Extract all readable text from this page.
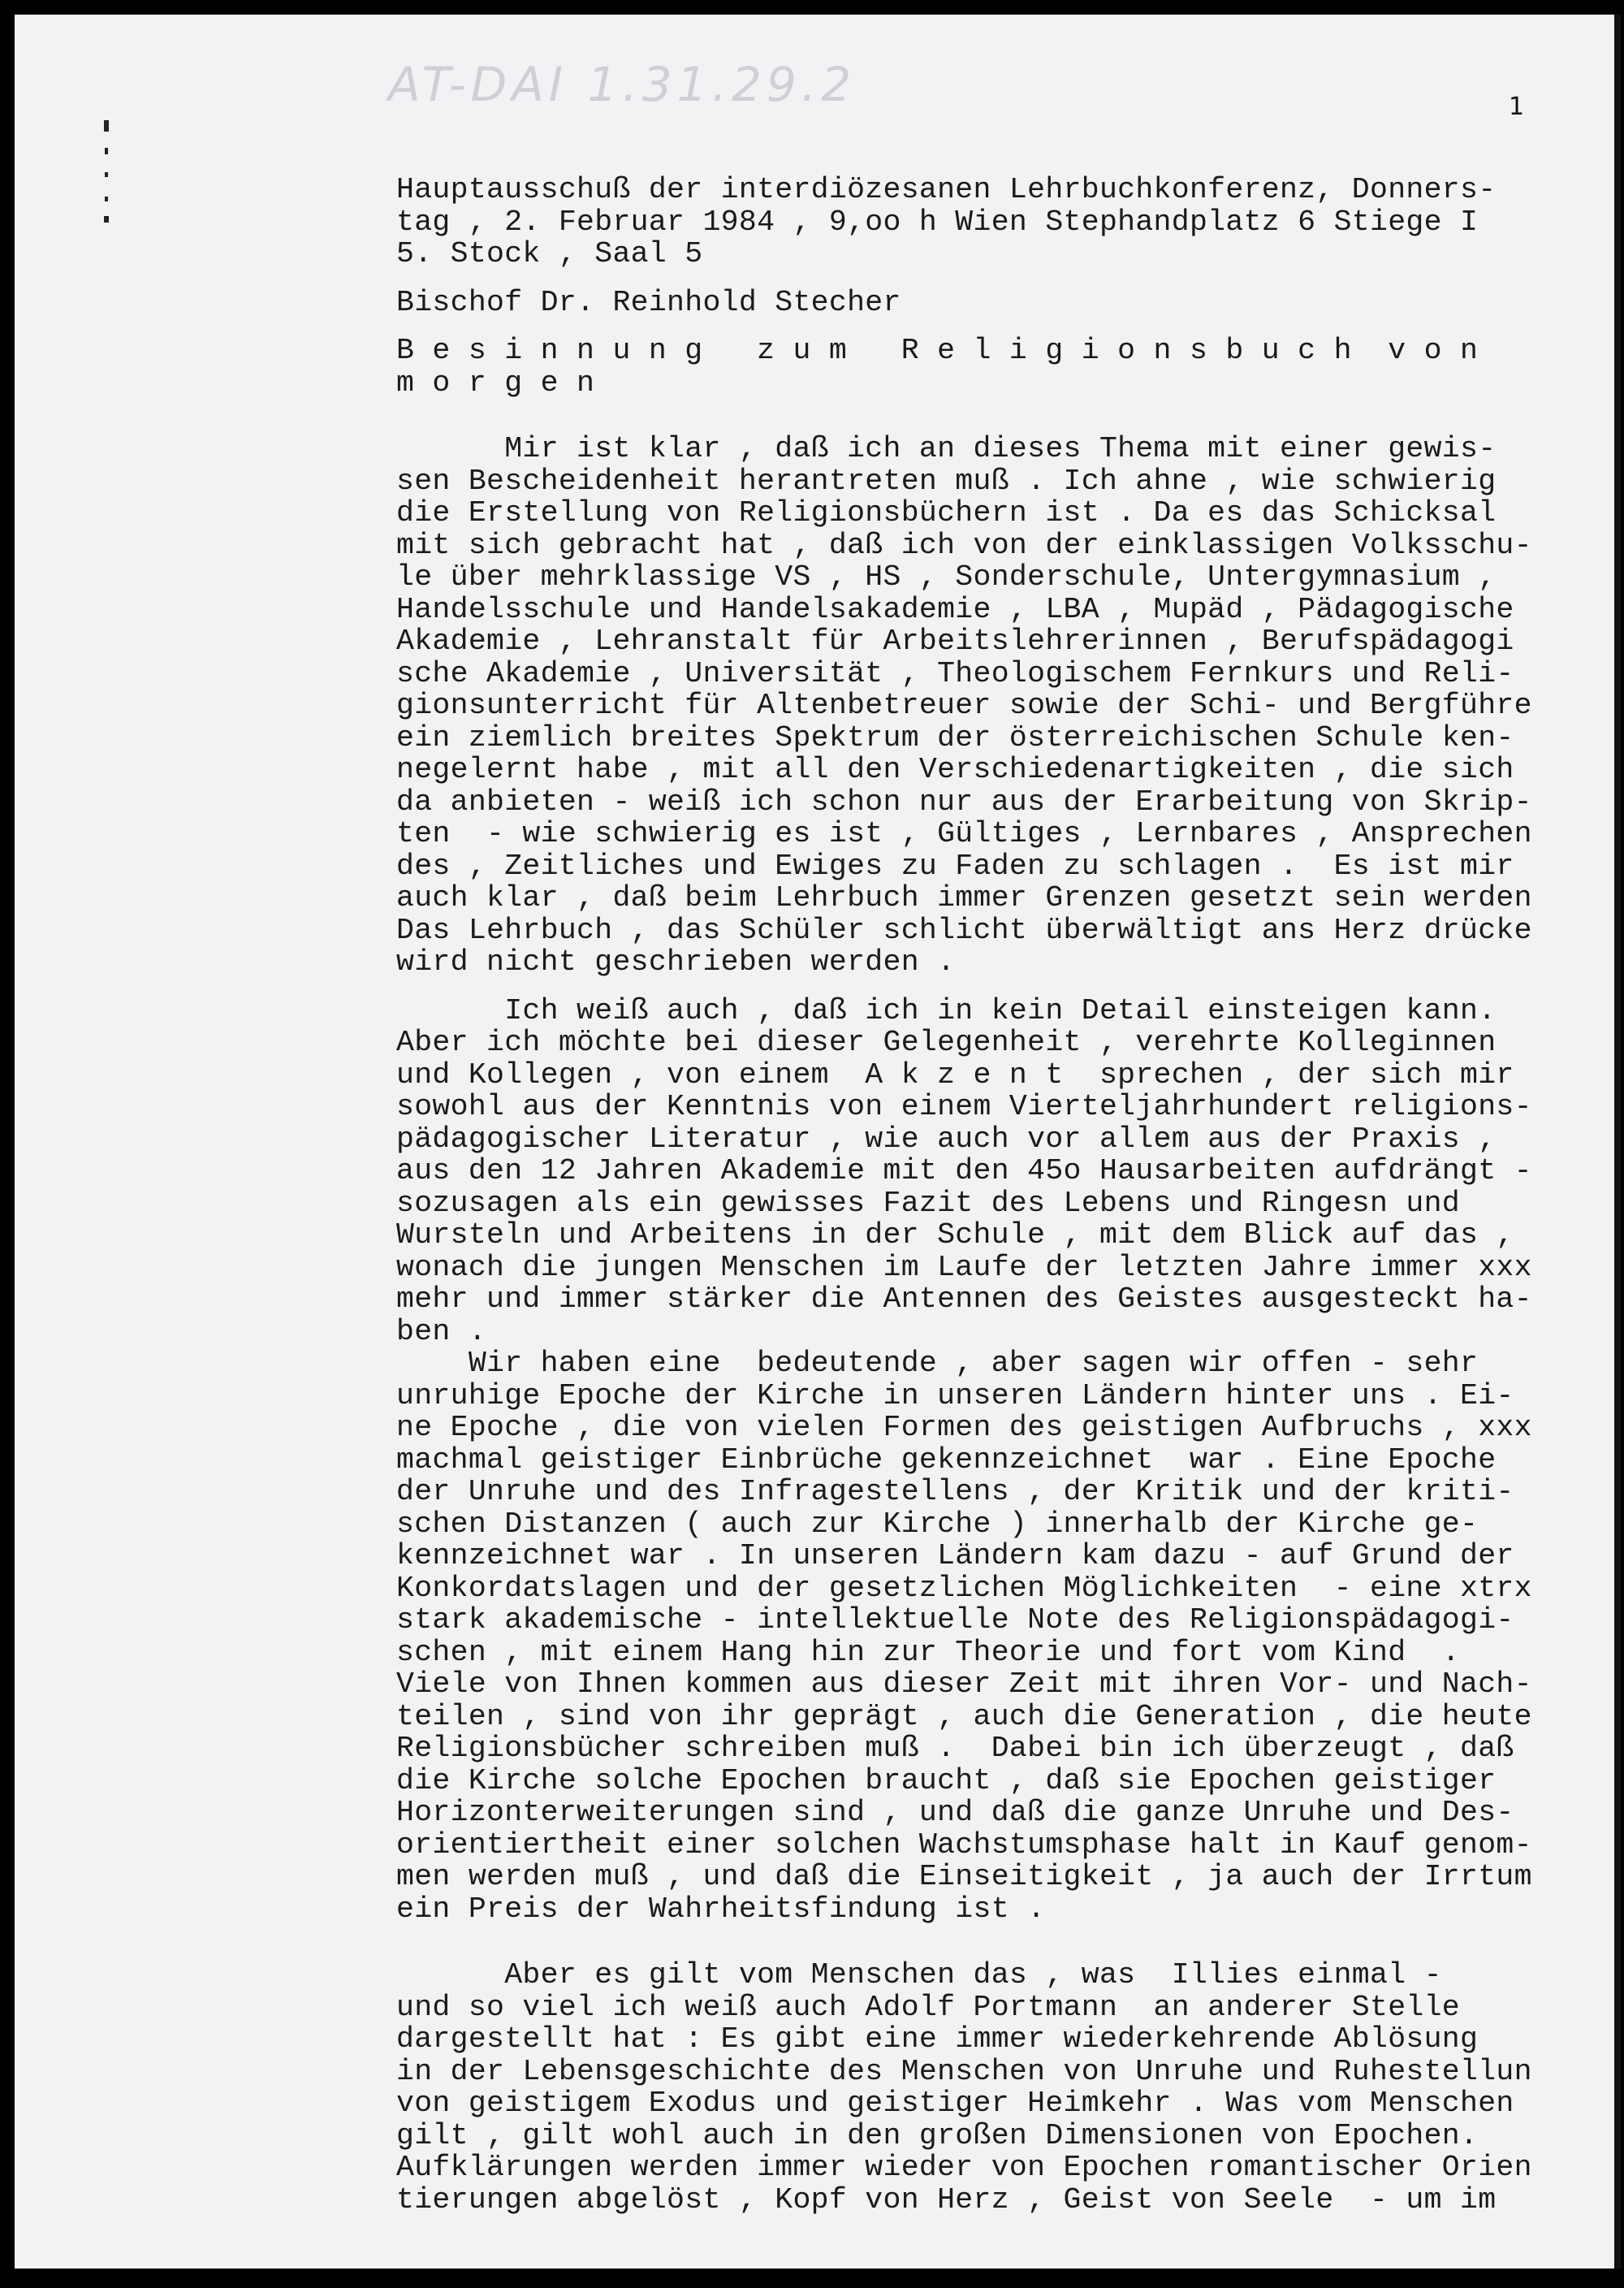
AT-DAI 1.31.29.2	1
Hauptausschuß der interdiözesanen Lehrbuchkonferenz, Donners-
tag , 2. Februar 1984 , 9,oo h Wien Stephandplatz 6 Stiege I
5. Stock , Saal 5
Bischof Dr. Reinhold Stecher
B e s i n n u n g   z u m   R e l i g i o n s b u c h  v o n
m o r g e n
Mir ist klar , daß ich an dieses Thema mit einer gewis-
sen Bescheidenheit herantreten muß . Ich ahne , wie schwierig
die Erstellung von Religionsbüchern ist . Da es das Schicksal
mit sich gebracht hat , daß ich von der einklassigen Volksschu-
le über mehrklassige VS , HS , Sonderschule, Untergymnasium ,
Handelsschule und Handelsakademie , LBA , Mupäd , Pädagogische
Akademie , Lehranstalt für Arbeitslehrerinnen , Berufspädagogi
sche Akademie , Universität , Theologischem Fernkurs und Reli-
gionsunterricht für Altenbetreuer sowie der Schi- und Bergführe
ein ziemlich breites Spektrum der österreichischen Schule ken-
negelernt habe , mit all den Verschiedenartigkeiten , die sich
da anbieten - weiß ich schon nur aus der Erarbeitung von Skrip-
ten  - wie schwierig es ist , Gültiges , Lernbares , Ansprechen
des , Zeitliches und Ewiges zu Faden zu schlagen .  Es ist mir
auch klar , daß beim Lehrbuch immer Grenzen gesetzt sein werden
Das Lehrbuch , das Schüler schlicht überwältigt ans Herz drücke
wird nicht geschrieben werden .
Ich weiß auch , daß ich in kein Detail einsteigen kann.
Aber ich möchte bei dieser Gelegenheit , verehrte Kolleginnen
und Kollegen , von einem  A k z e n t  sprechen , der sich mir
sowohl aus der Kenntnis von einem Vierteljahrhundert religions-
pädagogischer Literatur , wie auch vor allem aus der Praxis ,
aus den 12 Jahren Akademie mit den 45o Hausarbeiten aufdrängt -
sozusagen als ein gewisses Fazit des Lebens und Ringesn und
Wursteln und Arbeitens in der Schule , mit dem Blick auf das ,
wonach die jungen Menschen im Laufe der letzten Jahre immer xxx
mehr und immer stärker die Antennen des Geistes ausgesteckt ha-
ben .
Wir haben eine  bedeutende , aber sagen wir offen - sehr
unruhige Epoche der Kirche in unseren Ländern hinter uns . Ei-
ne Epoche , die von vielen Formen des geistigen Aufbruchs , xxx
machmal geistiger Einbrüche gekennzeichnet  war . Eine Epoche
der Unruhe und des Infragestellens , der Kritik und der kriti-
schen Distanzen ( auch zur Kirche ) innerhalb der Kirche ge-
kennzeichnet war . In unseren Ländern kam dazu - auf Grund der
Konkordatslagen und der gesetzlichen Möglichkeiten  - eine xtrx
stark akademische - intellektuelle Note des Religionspädagogi-
schen , mit einem Hang hin zur Theorie und fort vom Kind  .
Viele von Ihnen kommen aus dieser Zeit mit ihren Vor- und Nach-
teilen , sind von ihr geprägt , auch die Generation , die heute
Religionsbücher schreiben muß .  Dabei bin ich überzeugt , daß
die Kirche solche Epochen braucht , daß sie Epochen geistiger
Horizonterweiterungen sind , und daß die ganze Unruhe und Des-
orientiertheit einer solchen Wachstumsphase halt in Kauf genom-
men werden muß , und daß die Einseitigkeit , ja auch der Irrtum
ein Preis der Wahrheitsfindung ist .
Aber es gilt vom Menschen das , was  Illies einmal -
und so viel ich weiß auch Adolf Portmann  an anderer Stelle
dargestellt hat : Es gibt eine immer wiederkehrende Ablösung
in der Lebensgeschichte des Menschen von Unruhe und Ruhestellun
von geistigem Exodus und geistiger Heimkehr . Was vom Menschen
gilt , gilt wohl auch in den großen Dimensionen von Epochen.
Aufklärungen werden immer wieder von Epochen romantischer Orien
tierungen abgelöst , Kopf von Herz , Geist von Seele  - um im
